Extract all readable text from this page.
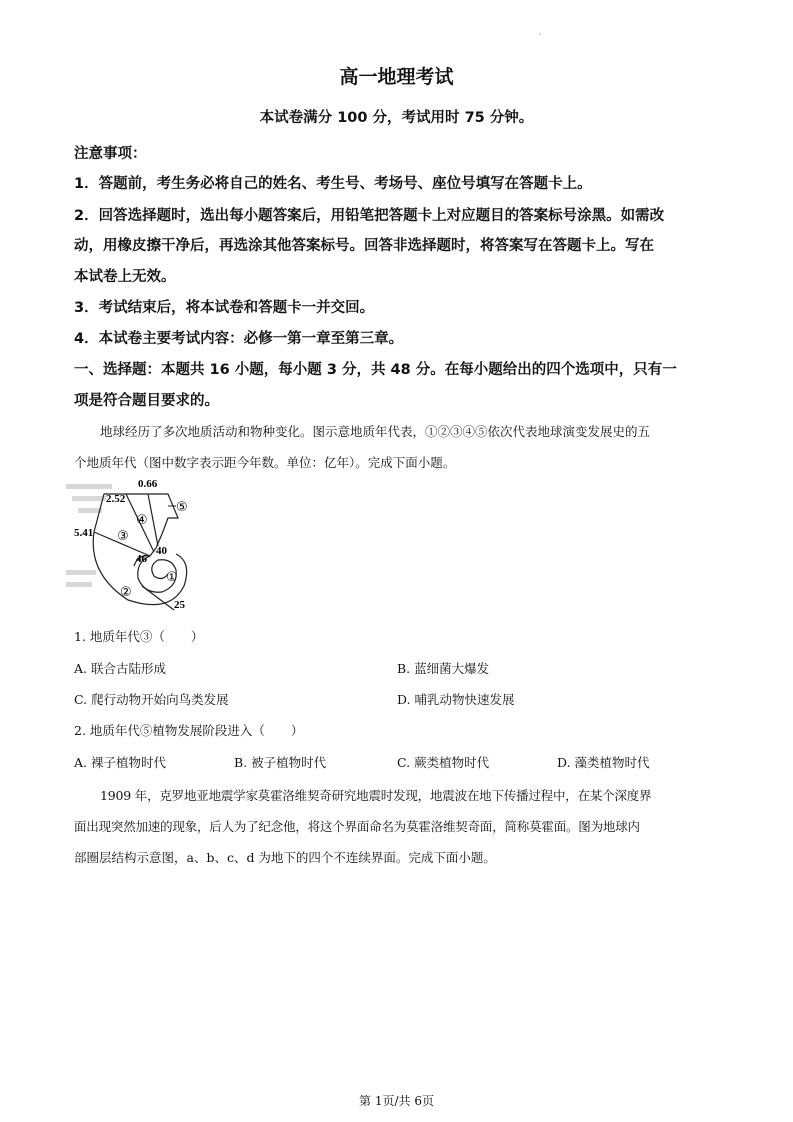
·
高一地理考试
本试卷满分 100 分，考试用时 75 分钟。
注意事项：
1．答题前，考生务必将自己的姓名、考生号、考场号、座位号填写在答题卡上。
2．回答选择题时，选出每小题答案后，用铅笔把答题卡上对应题目的答案标号涂黑。如需改
动，用橡皮擦干净后，再选涂其他答案标号。回答非选择题时，将答案写在答题卡上。写在
本试卷上无效。
3．考试结束后，将本试卷和答题卡一并交回。
4．本试卷主要考试内容：必修一第一章至第三章。
一、选择题：本题共 16 小题，每小题 3 分，共 48 分。在每小题给出的四个选项中，只有一
项是符合题目要求的。
地球经历了多次地质活动和物种变化。图示意地质年代表，①②③④⑤依次代表地球演变发展史的五
个地质年代（图中数字表示距今年数。单位：亿年）。完成下面小题。
0.66
2.52
5.41
46
40
25
①
②
③
④
⑤
1. 地质年代③（ ）
A. 联合古陆形成	B. 蓝细菌大爆发
C. 爬行动物开始向鸟类发展	D. 哺乳动物快速发展
2. 地质年代⑤植物发展阶段进入（ ）
A. 裸子植物时代	B. 被子植物时代	C. 蕨类植物时代	D. 藻类植物时代
1909 年，克罗地亚地震学家莫霍洛维契奇研究地震时发现，地震波在地下传播过程中，在某个深度界
面出现突然加速的现象，后人为了纪念他，将这个界面命名为莫霍洛维契奇面，简称莫霍面。图为地球内
部圈层结构示意图，a、b、c、d 为地下的四个不连续界面。完成下面小题。
第 1页/共 6页
